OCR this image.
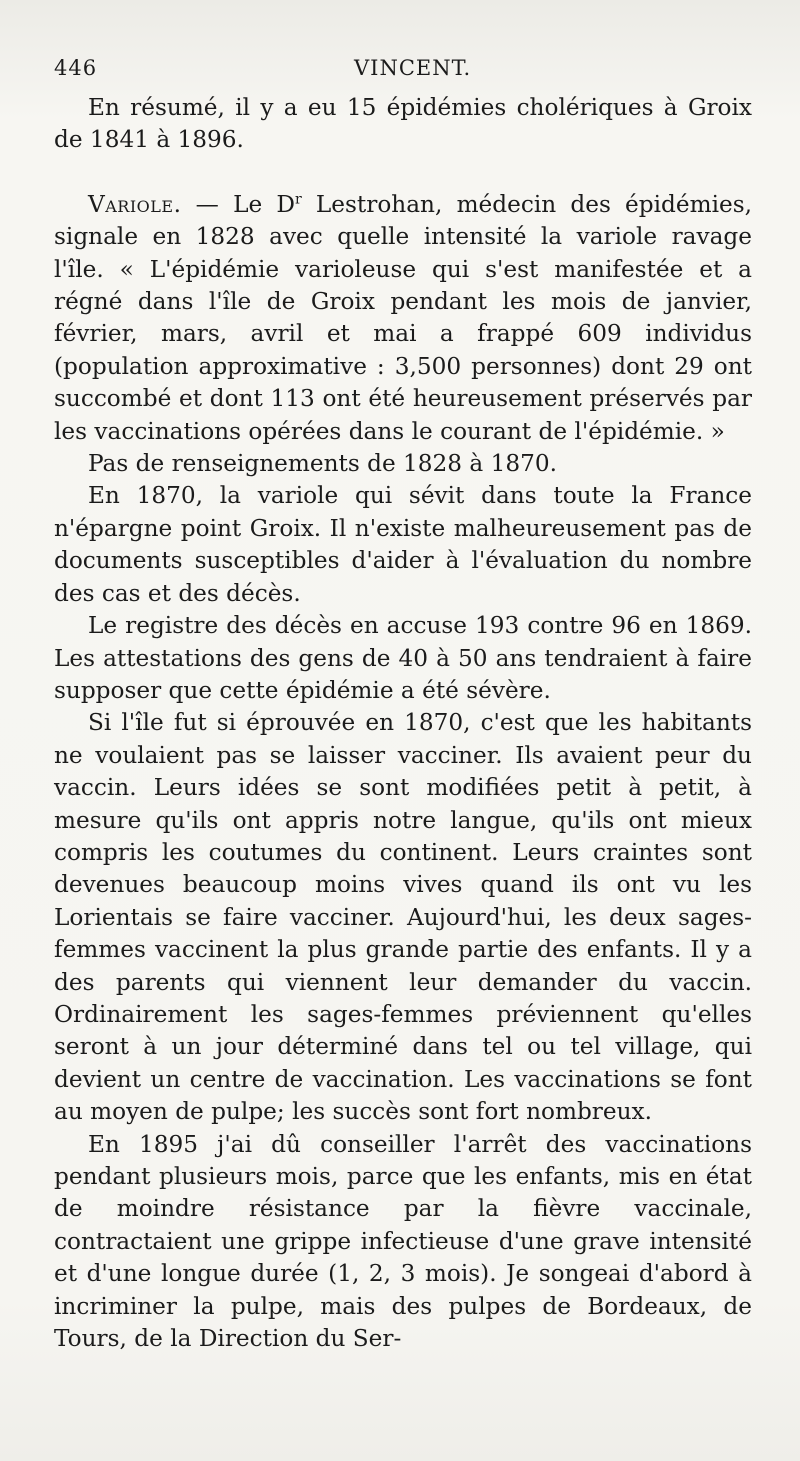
446	VINCENT.

En résumé, il y a eu 15 épidémies cholériques à Groix de 1841 à 1896.

Variole. — Le $D^r$ Lestrohan, médecin des épidémies, signale en 1828 avec quelle intensité la variole ravage l'île. « L'épidémie varioleuse qui s'est manifestée et a régné dans l'île de Groix pendant les mois de janvier, février, mars, avril et mai a frappé 609 individus (population approximative : 3,500 personnes) dont 29 ont succombé et dont 113 ont été heureusement préservés par les vaccinations opérées dans le courant de l'épidémie. »

Pas de renseignements de 1828 à 1870.

En 1870, la variole qui sévit dans toute la France n'épargne point Groix. Il n'existe malheureusement pas de documents susceptibles d'aider à l'évaluation du nombre des cas et des décès.

Le registre des décès en accuse 193 contre 96 en 1869. Les attestations des gens de 40 à 50 ans tendraient à faire supposer que cette épidémie a été sévère.

Si l'île fut si éprouvée en 1870, c'est que les habitants ne voulaient pas se laisser vacciner. Ils avaient peur du vaccin. Leurs idées se sont modifiées petit à petit, à mesure qu'ils ont appris notre langue, qu'ils ont mieux compris les coutumes du continent. Leurs craintes sont devenues beaucoup moins vives quand ils ont vu les Lorientais se faire vacciner. Aujourd'hui, les deux sages-femmes vaccinent la plus grande partie des enfants. Il y a des parents qui viennent leur demander du vaccin. Ordinairement les sages-femmes préviennent qu'elles seront à un jour déterminé dans tel ou tel village, qui devient un centre de vaccination. Les vaccinations se font au moyen de pulpe; les succès sont fort nombreux.

En 1895 j'ai dû conseiller l'arrêt des vaccinations pendant plusieurs mois, parce que les enfants, mis en état de moindre résistance par la fièvre vaccinale, contractaient une grippe infectieuse d'une grave intensité et d'une longue durée (1, 2, 3 mois). Je songeai d'abord à incriminer la pulpe, mais des pulpes de Bordeaux, de Tours, de la Direction du Ser-
